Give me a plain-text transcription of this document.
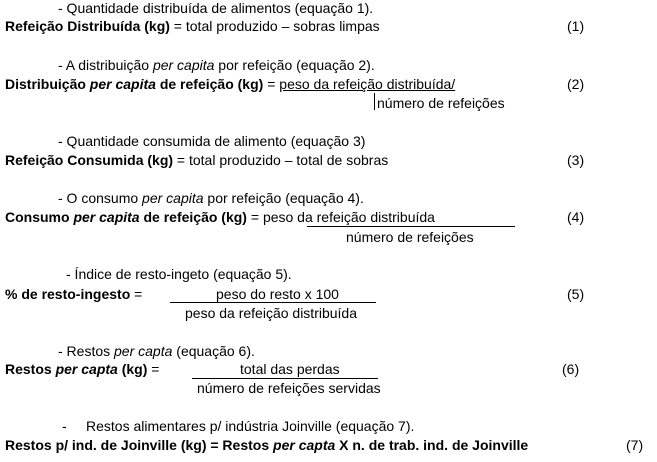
- Quantidade distribuída de alimentos (equação 1).
Refeição Distribuída (kg) = total produzido – sobras limpas	(1)
- A distribuição per capita por refeição (equação 2).
Distribuição per capita de refeição (kg) = peso da refeição distribuída/
número de refeições
(2)
- Quantidade consumida de alimento (equação 3)
Refeição Consumida (kg) = total produzido – total de sobras	(3)
- O consumo per capita por refeição (equação 4).
Consumo per capita de refeição (kg) = peso da refeição distribuída
número de refeições
(4)
- Índice de resto-ingeto (equação 5).
% de resto-ingesto =	peso do resto x 100
peso da refeição distribuída
(5)
- Restos per capta (equação 6).
Restos per capta (kg) =	total das perdas
número de refeições servidas
(6)
- Restos alimentares p/ indústria Joinville (equação 7).
Restos p/ ind. de Joinville (kg) = Restos per capta X n. de trab. ind. de Joinville	(7)
